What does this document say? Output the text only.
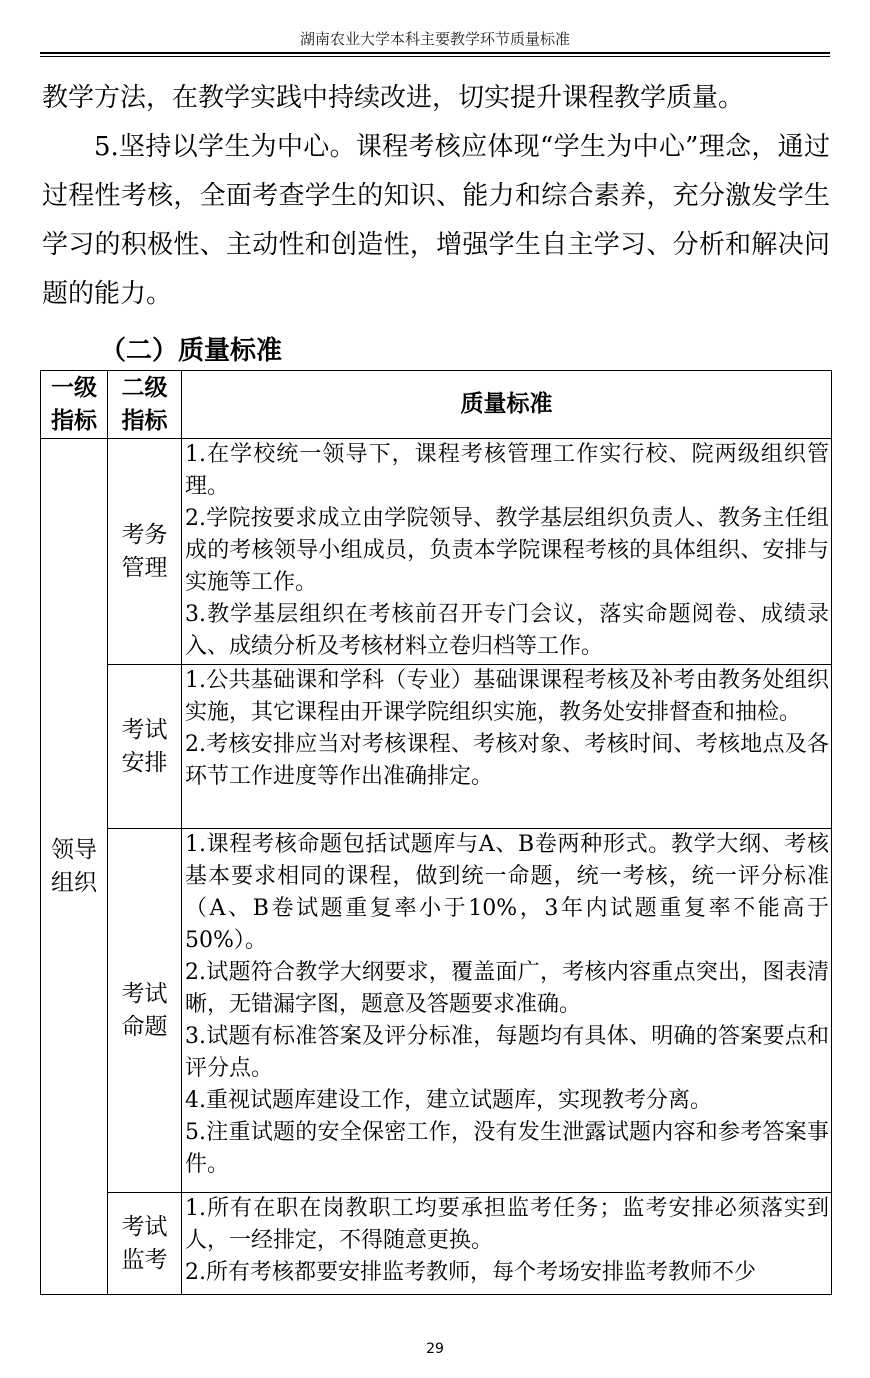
湖南农业大学本科主要教学环节质量标准

教学方法，在教学实践中持续改进，切实提升课程教学质量。

5.坚持以学生为中心。课程考核应体现“学生为中心”理念，通过过程性考核，全面考查学生的知识、能力和综合素养，充分激发学生学习的积极性、主动性和创造性，增强学生自主学习、分析和解决问题的能力。

（二）质量标准
一级指标	二级指标	质量标准
领导组织	考务管理	1.在学校统一领导下，课程考核管理工作实行校、院两级组织管理。

2.学院按要求成立由学院领导、教学基层组织负责人、教务主任组成的考核领导小组成员，负责本学院课程考核的具体组织、安排与实施等工作。

3.教学基层组织在考核前召开专门会议，落实命题阅卷、成绩录入、成绩分析及考核材料立卷归档等工作。

	考试安排	1.公共基础课和学科（专业）基础课课程考核及补考由教务处组织实施，其它课程由开课学院组织实施，教务处安排督查和抽检。

2.考核安排应当对考核课程、考核对象、考核时间、考核地点及各环节工作进度等作出准确排定。

	考试命题	1.课程考核命题包括试题库与A、B卷两种形式。教学大纲、考核基本要求相同的课程，做到统一命题，统一考核，统一评分标准（A、B卷试题重复率小于10%，3年内试题重复率不能高于50%）。

2.试题符合教学大纲要求，覆盖面广，考核内容重点突出，图表清晰，无错漏字图，题意及答题要求准确。

3.试题有标准答案及评分标准，每题均有具体、明确的答案要点和评分点。

4.重视试题库建设工作，建立试题库，实现教考分离。

5.注重试题的安全保密工作，没有发生泄露试题内容和参考答案事件。

	考试监考	1.所有在职在岗教职工均要承担监考任务；监考安排必须落实到人，一经排定，不得随意更换。

2.所有考核都要安排监考教师，每个考场安排监考教师不少

29
